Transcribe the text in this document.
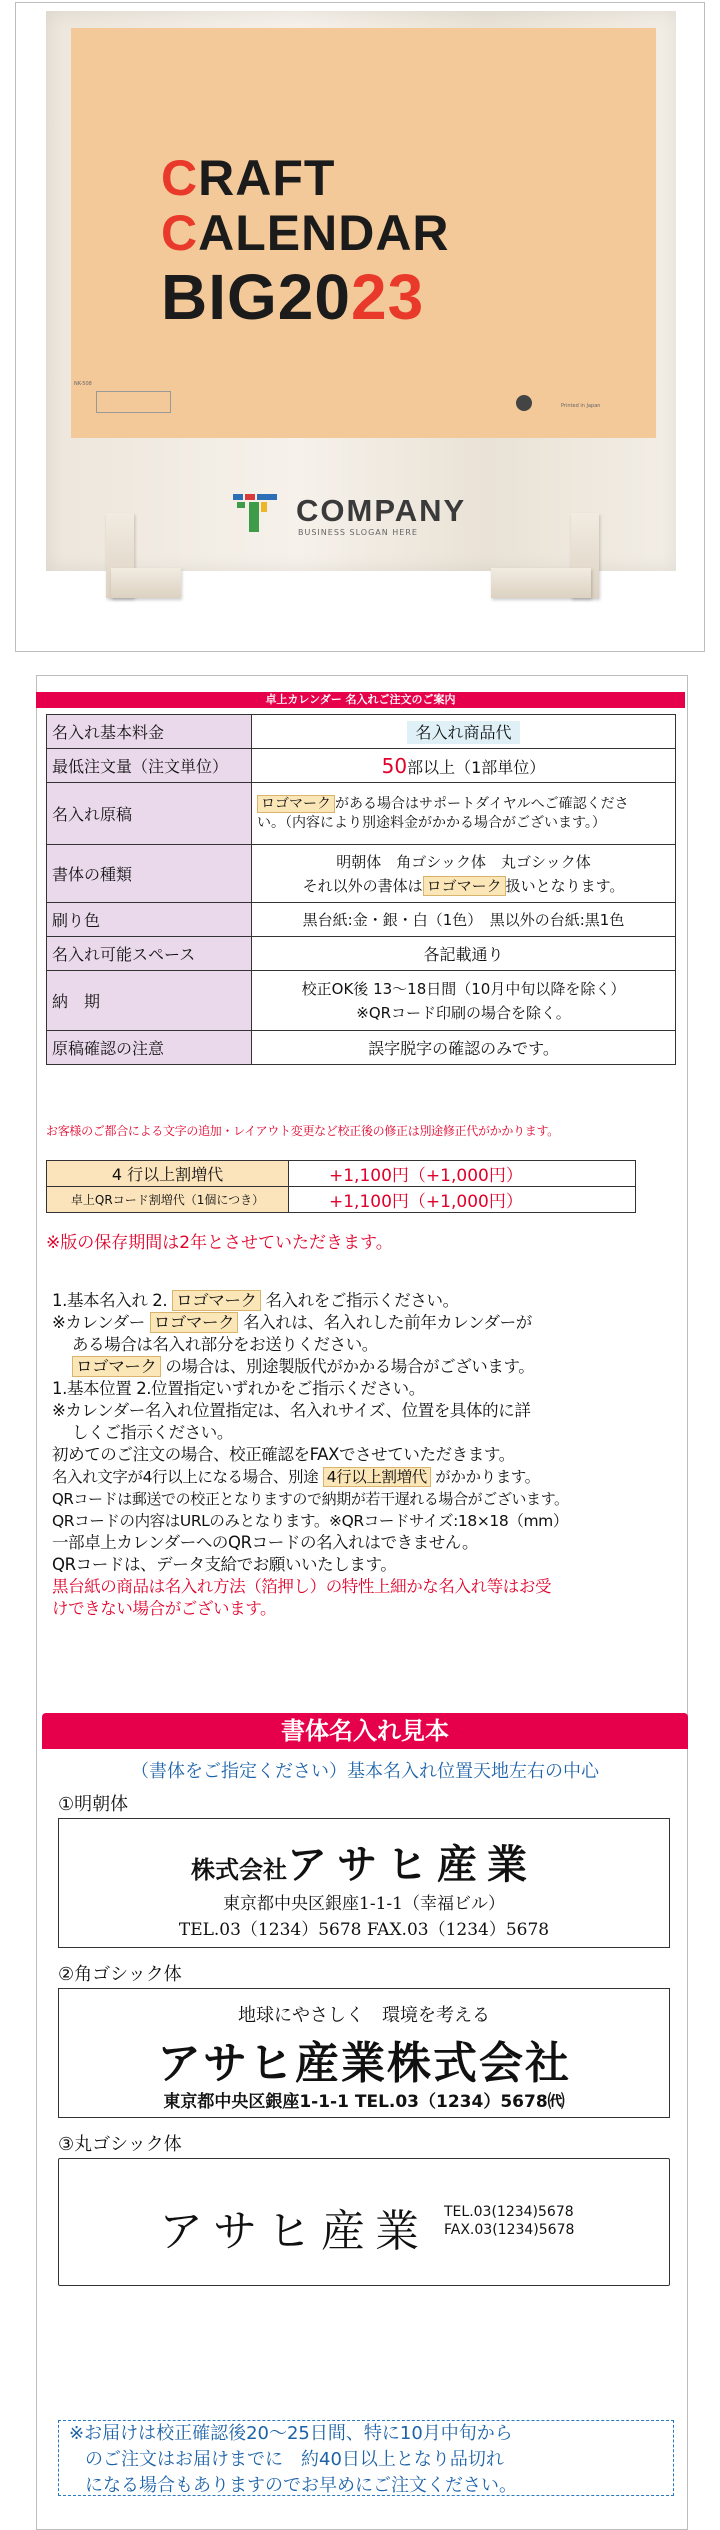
CRAFT
CALENDAR
BIG2023
NK-508
Printed in Japan
COMPANY
BUSINESS SLOGAN HERE
卓上カレンダー 名入れご注文のご案内
名入れ基本料金	名入れ商品代
最低注文量（注文単位）	50部以上（1部単位）
名入れ原稿	ロゴマーク がある場合はサポートダイヤルへご確認くださ
い。（内容により別途料金がかかる場合がございます。）
書体の種類	明朝体　角ゴシック体　丸ゴシック体
それ以外の書体は ロゴマーク 扱いとなります。
刷り色	黒台紙:金・銀・白（1色）　黒以外の台紙:黒1色
名入れ可能スペース	各記載通り
納　期	校正OK後 13～18日間（10月中旬以降を除く）
※QRコード印刷の場合を除く。
原稿確認の注意	誤字脱字の確認のみです。
お客様のご都合による文字の追加・レイアウト変更など校正後の修正は別途修正代がかかります。
4 行以上割増代	+1,100円（+1,000円）
卓上QRコード割増代（1個につき）	+1,100円（+1,000円）
※版の保存期間は2年とさせていただきます。
1.基本名入れ 2. ロゴマーク 名入れをご指示ください。
※カレンダー ロゴマーク 名入れは、名入れした前年カレンダーが
ある場合は名入れ部分をお送りください。
ロゴマーク の場合は、別途製版代がかかる場合がございます。
1.基本位置 2.位置指定いずれかをご指示ください。
※カレンダー名入れ位置指定は、名入れサイズ、位置を具体的に詳
しくご指示ください。
初めてのご注文の場合、校正確認をFAXでさせていただきます。
名入れ文字が4行以上になる場合、別途 4行以上割増代 がかかります。
QRコードは郵送での校正となりますので納期が若干遅れる場合がございます。
QRコードの内容はURLのみとなります。※QRコードサイズ:18×18（mm）
一部卓上カレンダーへのQRコードの名入れはできません。
QRコードは、データ支給でお願いいたします。
黒台紙の商品は名入れ方法（箔押し）の特性上細かな名入れ等はお受
けできない場合がございます。
書体名入れ見本
（書体をご指定ください）基本名入れ位置天地左右の中心
①明朝体
株式会社アサヒ産業
東京都中央区銀座1-1-1（幸福ビル）
TEL.03（1234）5678 FAX.03（1234）5678
②角ゴシック体
地球にやさしく　環境を考える
アサヒ産業株式会社
東京都中央区銀座1-1-1 TEL.03（1234）5678㈹
③丸ゴシック体
アサヒ産業 TEL.03(1234)5678
FAX.03(1234)5678
※お届けは校正確認後20～25日間、特に10月中旬から
のご注文はお届けまでに　約40日以上となり品切れ
になる場合もありますのでお早めにご注文ください。
